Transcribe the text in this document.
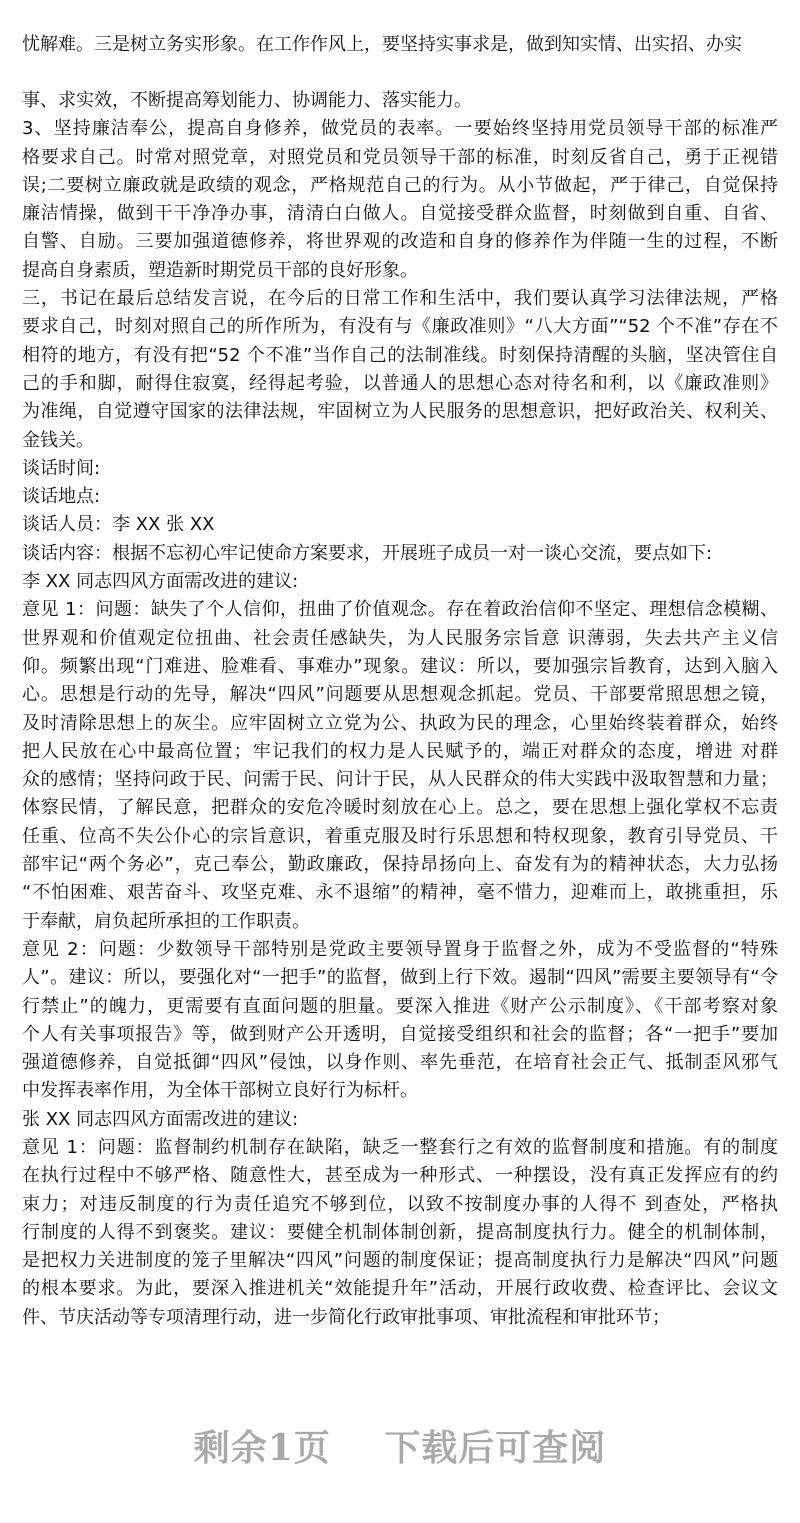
忧解难。三是树立务实形象。在工作作风上，要坚持实事求是，做到知实情、出实招、办实
事、求实效，不断提高筹划能力、协调能力、落实能力。
3、坚持廉洁奉公，提高自身修养，做党员的表率。一要始终坚持用党员领导干部的标准严
格要求自己。时常对照党章，对照党员和党员领导干部的标准，时刻反省自己，勇于正视错
误;二要树立廉政就是政绩的观念，严格规范自己的行为。从小节做起，严于律己，自觉保持
廉洁情操，做到干干净净办事，清清白白做人。自觉接受群众监督，时刻做到自重、自省、
自警、自励。三要加强道德修养，将世界观的改造和自身的修养作为伴随一生的过程，不断
提高自身素质，塑造新时期党员干部的良好形象。
三，书记在最后总结发言说，在今后的日常工作和生活中，我们要认真学习法律法规，严格
要求自己，时刻对照自己的所作所为，有没有与《廉政准则》“八大方面”“52 个不准”存在不
相符的地方，有没有把“52 个不准”当作自己的法制准线。时刻保持清醒的头脑，坚决管住自
己的手和脚，耐得住寂寞，经得起考验，以普通人的思想心态对待名和利，以《廉政准则》
为准绳，自觉遵守国家的法律法规，牢固树立为人民服务的思想意识，把好政治关、权利关、
金钱关。
谈话时间:
谈话地点:
谈话人员：李 XX 张 XX
谈话内容：根据不忘初心牢记使命方案要求，开展班子成员一对一谈心交流，要点如下:
李 XX 同志四风方面需改进的建议:
意见 1：问题：缺失了个人信仰，扭曲了价值观念。存在着政治信仰不坚定、理想信念模糊、
世界观和价值观定位扭曲、社会责任感缺失，为人民服务宗旨意 识薄弱，失去共产主义信
仰。频繁出现“门难进、脸难看、事难办”现象。建议：所以，要加强宗旨教育，达到入脑入
心。思想是行动的先导，解决“四风”问题要从思想观念抓起。党员、干部要常照思想之镜，
及时清除思想上的灰尘。应牢固树立立党为公、执政为民的理念，心里始终装着群众，始终
把人民放在心中最高位置；牢记我们的权力是人民赋予的，端正对群众的态度，增进 对群
众的感情；坚持问政于民、问需于民、问计于民，从人民群众的伟大实践中汲取智慧和力量；
体察民情，了解民意，把群众的安危冷暖时刻放在心上。总之，要在思想上强化掌权不忘责
任重、位高不失公仆心的宗旨意识，着重克服及时行乐思想和特权现象，教育引导党员、干
部牢记“两个务必”，克己奉公，勤政廉政，保持昂扬向上、奋发有为的精神状态，大力弘扬
“不怕困难、艰苦奋斗、攻坚克难、永不退缩”的精神，毫不惜力，迎难而上，敢挑重担，乐
于奉献，肩负起所承担的工作职责。
意见 2：问题：少数领导干部特别是党政主要领导置身于监督之外，成为不受监督的“特殊
人”。建议：所以，要强化对“一把手”的监督，做到上行下效。遏制“四风”需要主要领导有“令
行禁止”的魄力，更需要有直面问题的胆量。要深入推进《财产公示制度》、《干部考察对象
个人有关事项报告》等，做到财产公开透明，自觉接受组织和社会的监督；各“一把手”要加
强道德修养，自觉抵御“四风”侵蚀，以身作则、率先垂范，在培育社会正气、抵制歪风邪气
中发挥表率作用，为全体干部树立良好行为标杆。
张 XX 同志四风方面需改进的建议:
意见 1：问题：监督制约机制存在缺陷，缺乏一整套行之有效的监督制度和措施。有的制度
在执行过程中不够严格、随意性大，甚至成为一种形式、一种摆设，没有真正发挥应有的约
束力；对违反制度的行为责任追究不够到位，以致不按制度办事的人得不 到查处，严格执
行制度的人得不到褒奖。建议：要健全机制体制创新，提高制度执行力。健全的机制体制，
是把权力关进制度的笼子里解决“四风”问题的制度保证；提高制度执行力是解决“四风”问题
的根本要求。为此，要深入推进机关“效能提升年”活动，开展行政收费、检查评比、会议文
件、节庆活动等专项清理行动，进一步简化行政审批事项、审批流程和审批环节；
剩余1页 下载后可查阅
